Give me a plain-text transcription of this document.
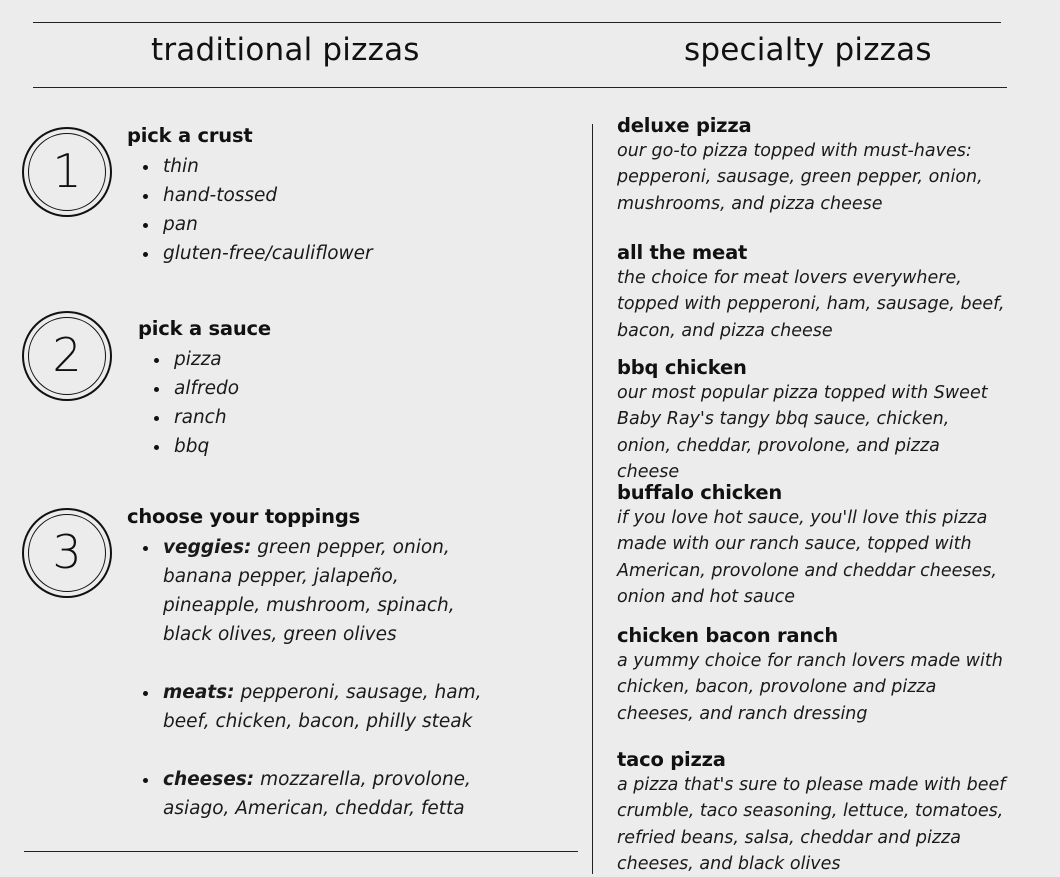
traditional pizzas	specialty pizzas
1
pick a crust
thin
hand-tossed
pan
gluten-free/cauliflower
2	pick a sauce
pizza
alfredo
ranch
bbq
3
choose your toppings
veggies: green pepper, onion, banana pepper, jalapeño, pineapple, mushroom, spinach, black olives, green olives
meats: pepperoni, sausage, ham, beef, chicken, bacon, philly steak
cheeses: mozzarella, provolone, asiago, American, cheddar, fetta
deluxe pizza
our go-to pizza topped with must-haves: pepperoni, sausage, green pepper, onion, mushrooms, and pizza cheese
all the meat
the choice for meat lovers everywhere, topped with pepperoni, ham, sausage, beef, bacon, and pizza cheese
bbq chicken
our most popular pizza topped with Sweet Baby Ray's tangy bbq sauce, chicken, onion, cheddar, provolone, and pizza cheese
buffalo chicken
if you love hot sauce, you'll love this pizza made with our ranch sauce, topped with American, provolone and cheddar cheeses, onion and hot sauce
chicken bacon ranch
a yummy choice for ranch lovers made with chicken, bacon, provolone and pizza cheeses, and ranch dressing
taco pizza
a pizza that's sure to please made with beef crumble, taco seasoning, lettuce, tomatoes, refried beans, salsa, cheddar and pizza cheeses, and black olives
